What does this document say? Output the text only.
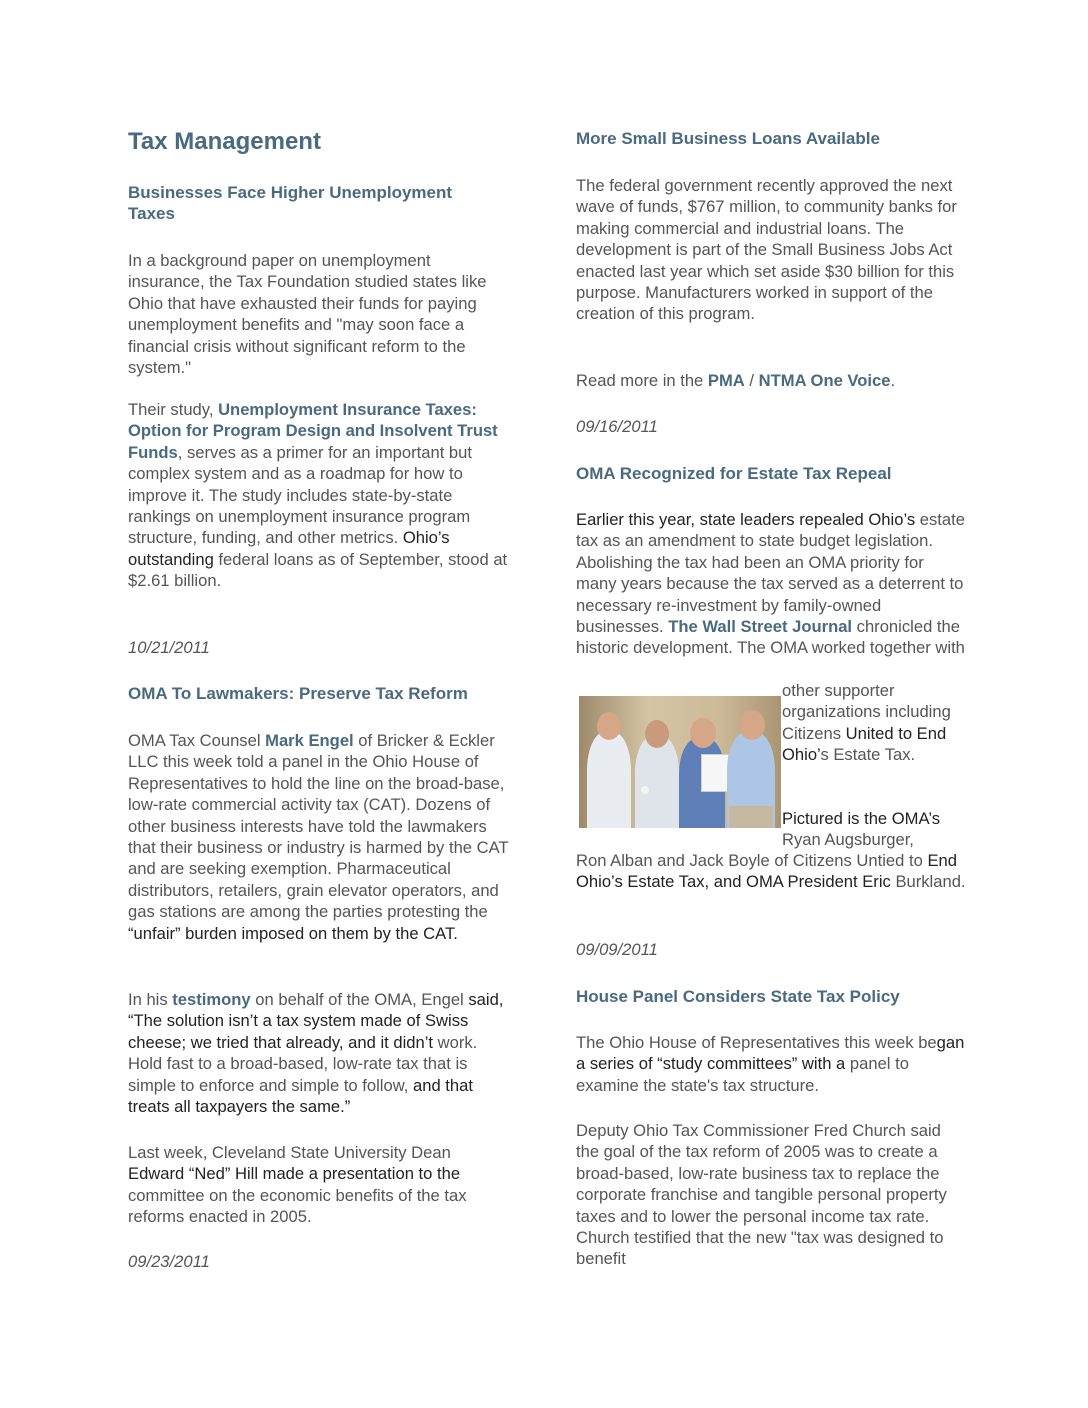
Tax Management
Businesses Face Higher Unemployment Taxes

In a background paper on unemployment insurance, the Tax Foundation studied states like Ohio that have exhausted their funds for paying unemployment benefits and "may soon face a financial crisis without significant reform to the system."

Their study, Unemployment Insurance Taxes: Option for Program Design and Insolvent Trust Funds, serves as a primer for an important but complex system and as a roadmap for how to improve it. The study includes state-by-state rankings on unemployment insurance program structure, funding, and other metrics. Ohio’s outstanding federal loans as of September, stood at $2.61 billion.

10/21/2011

OMA To Lawmakers: Preserve Tax Reform

OMA Tax Counsel Mark Engel of Bricker & Eckler LLC this week told a panel in the Ohio House of Representatives to hold the line on the broad-base, low-rate commercial activity tax (CAT). Dozens of other business interests have told the lawmakers that their business or industry is harmed by the CAT and are seeking exemption. Pharmaceutical distributors, retailers, grain elevator operators, and gas stations are among the parties protesting the “unfair” burden imposed on them by the CAT.

In his testimony on behalf of the OMA, Engel said, “The solution isn’t a tax system made of Swiss cheese; we tried that already, and it didn’t work. Hold fast to a broad-based, low-rate tax that is simple to enforce and simple to follow, and that treats all taxpayers the same.”

Last week, Cleveland State University Dean Edward “Ned” Hill made a presentation to the committee on the economic benefits of the tax reforms enacted in 2005.

09/23/2011

More Small Business Loans Available

The federal government recently approved the next wave of funds, $767 million, to community banks for making commercial and industrial loans. The development is part of the Small Business Jobs Act enacted last year which set aside $30 billion for this purpose. Manufacturers worked in support of the creation of this program.

Read more in the PMA / NTMA One Voice.

09/16/2011

OMA Recognized for Estate Tax Repeal

Earlier this year, state leaders repealed Ohio’s estate tax as an amendment to state budget legislation. Abolishing the tax had been an OMA priority for many years because the tax served as a deterrent to necessary re-investment by family-owned businesses. The Wall Street Journal chronicled the historic development. The OMA worked together with

other supporter organizations including Citizens United to End Ohio’s Estate Tax.

Pictured is the OMA’s Ryan Augsburger,

Ron Alban and Jack Boyle of Citizens Untied to End Ohio’s Estate Tax, and OMA President Eric Burkland.

09/09/2011

House Panel Considers State Tax Policy

The Ohio House of Representatives this week began a series of “study committees” with a panel to examine the state's tax structure.

Deputy Ohio Tax Commissioner Fred Church said the goal of the tax reform of 2005 was to create a broad-based, low-rate business tax to replace the corporate franchise and tangible personal property taxes and to lower the personal income tax rate. Church testified that the new "tax was designed to benefit
